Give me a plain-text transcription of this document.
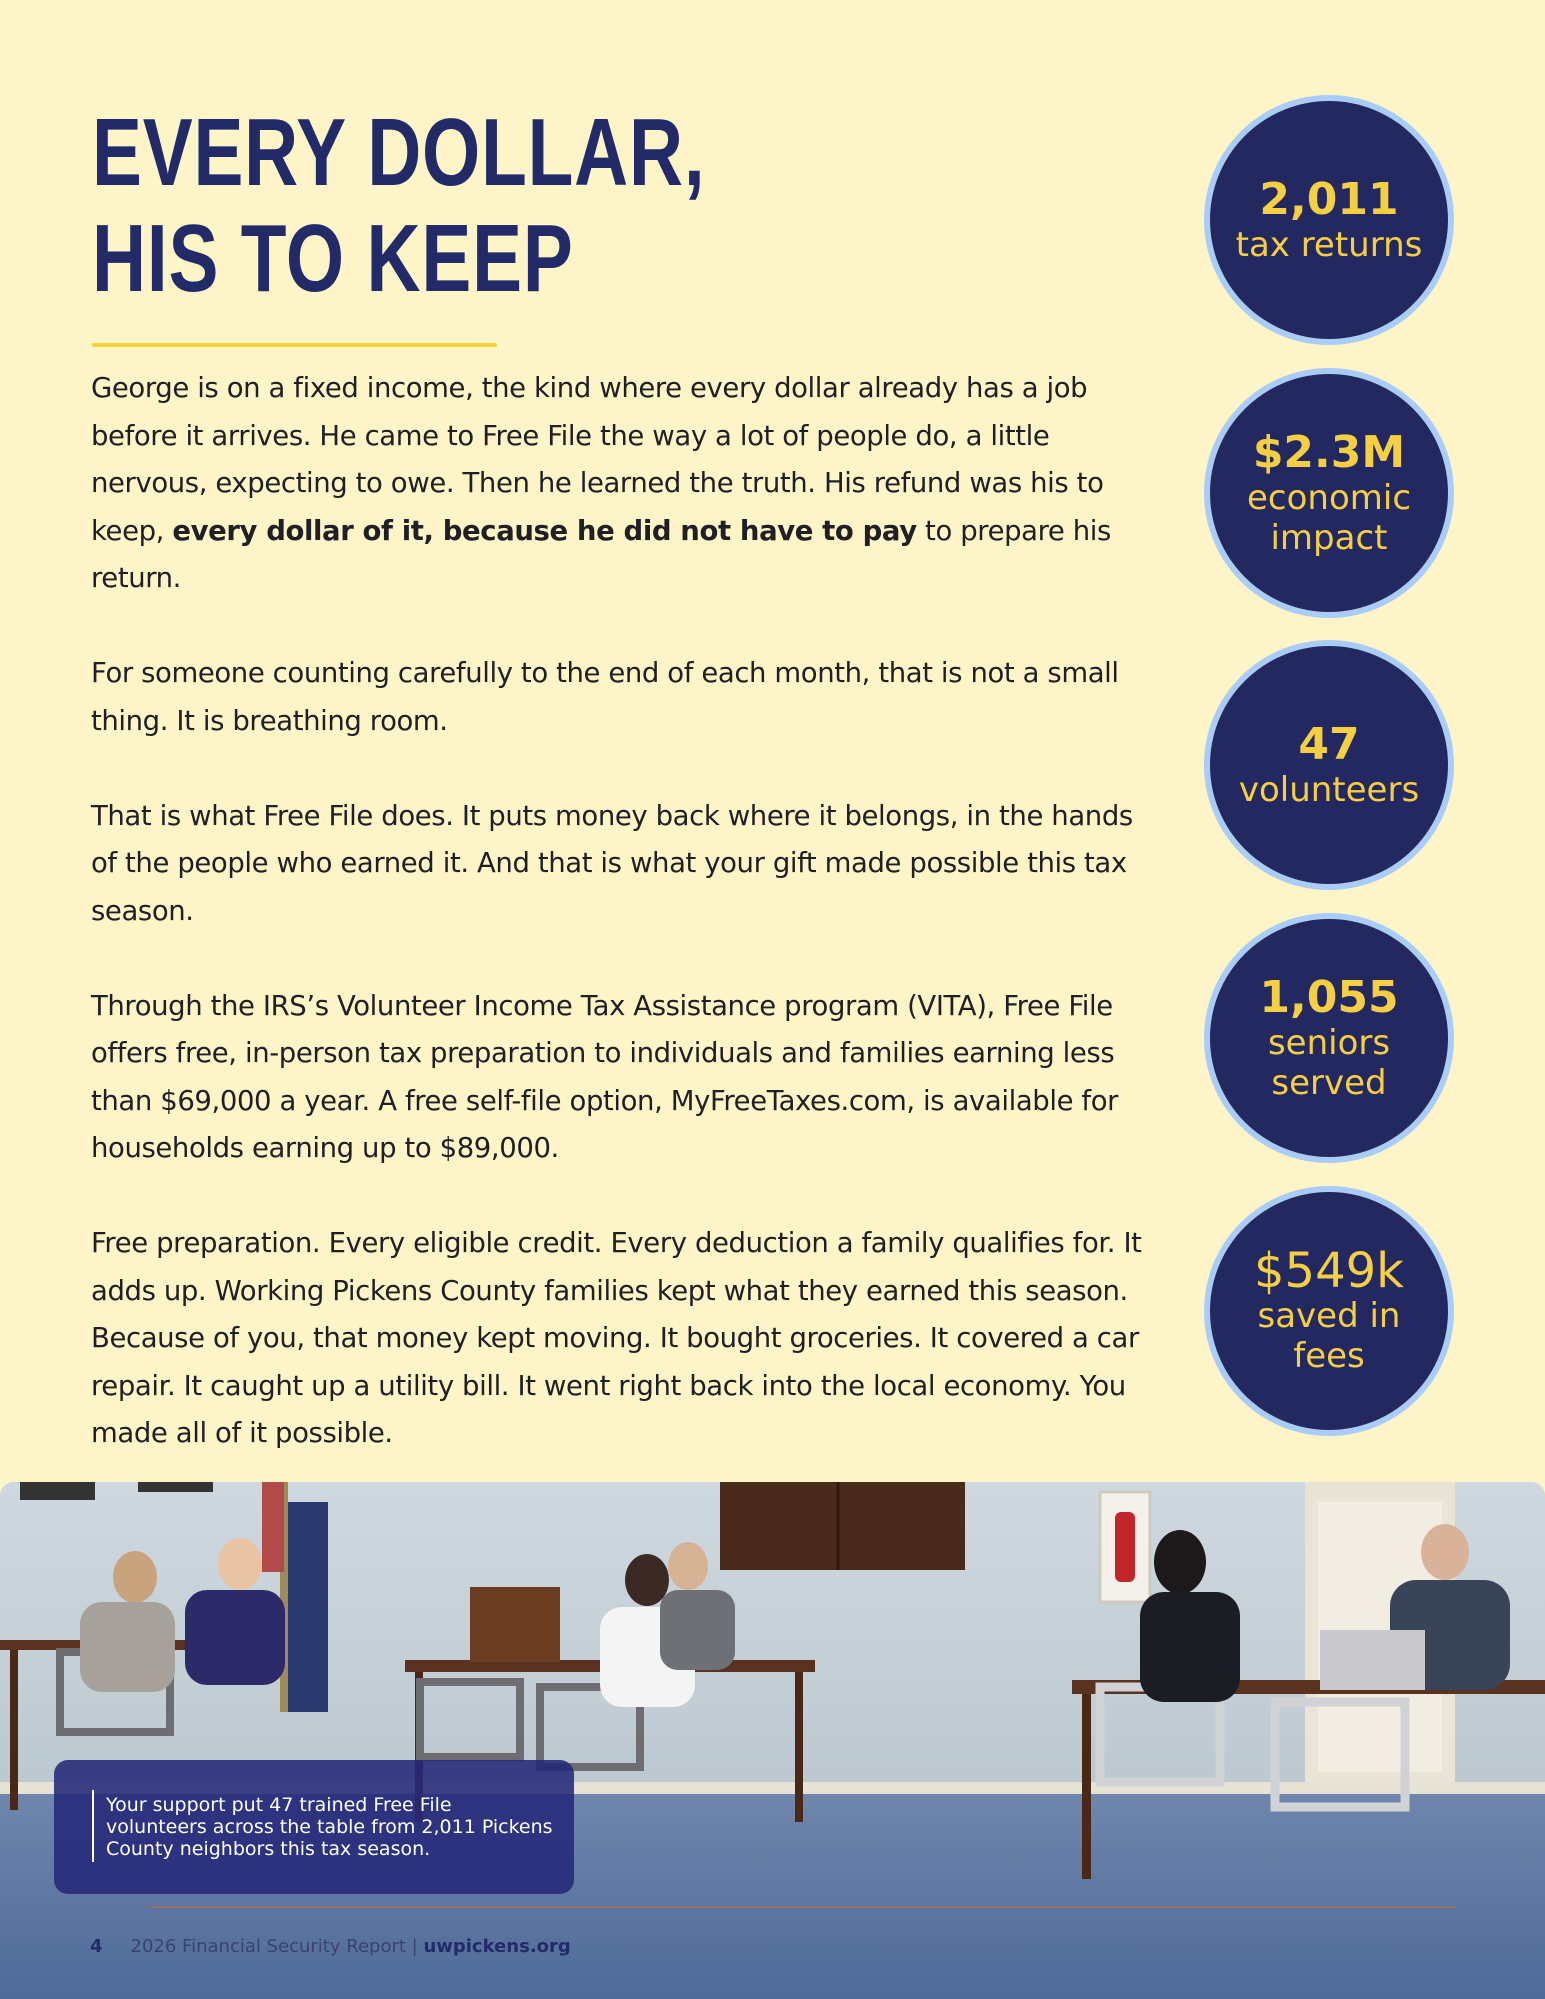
EVERY DOLLAR,
HIS TO KEEP

George is on a fixed income, the kind where every dollar already has a job before it arrives. He came to Free File the way a lot of people do, a little nervous, expecting to owe. Then he learned the truth. His refund was his to keep, every dollar of it, because he did not have to pay to prepare his return.

For someone counting carefully to the end of each month, that is not a small thing. It is breathing room.

That is what Free File does. It puts money back where it belongs, in the hands of the people who earned it. And that is what your gift made possible this tax season.

Through the IRS’s Volunteer Income Tax Assistance program (VITA), Free File offers free, in-person tax preparation to individuals and families earning less than $69,000 a year. A free self-file option, MyFreeTaxes.com, is available for households earning up to $89,000.

Free preparation. Every eligible credit. Every deduction a family qualifies for. It adds up. Working Pickens County families kept what they earned this season. Because of you, that money kept moving. It bought groceries. It covered a car repair. It caught up a utility bill. It went right back into the local economy. You made all of it possible.

2,011
tax returns
$2.3M
economic impact
47
volunteers
1,055
seniors served
$549k
saved in fees
Your support put 47 trained Free File volunteers across the table from 2,011 Pickens County neighbors this tax season.
4 2026 Financial Security Report | uwpickens.org
